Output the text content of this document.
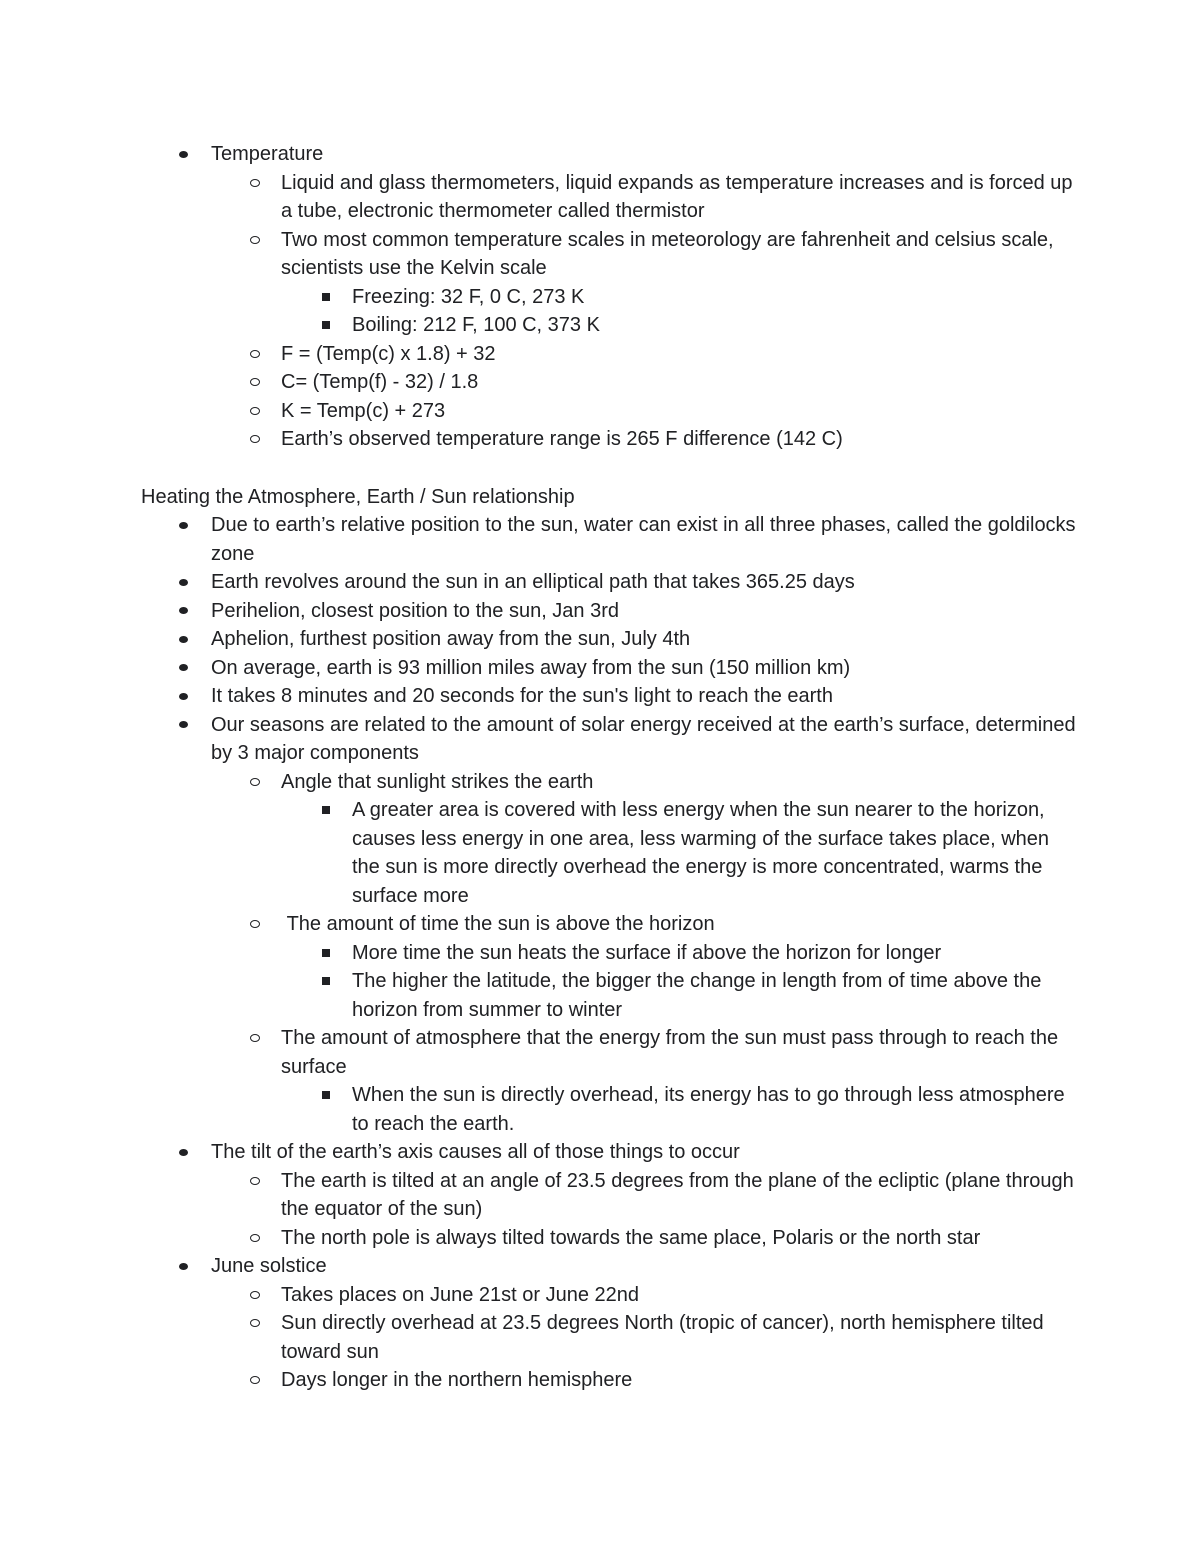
Temperature
Liquid and glass thermometers, liquid expands as temperature increases and is forced up a tube, electronic thermometer called thermistor
Two most common temperature scales in meteorology are fahrenheit and celsius scale, scientists use the Kelvin scale
Freezing: 32 F, 0 C, 273 K
Boiling: 212 F, 100 C, 373 K
F = (Temp(c) x 1.8) + 32
C= (Temp(f) - 32) / 1.8
K = Temp(c) + 273
Earth’s observed temperature range is 265 F difference (142 C)
Heating the Atmosphere, Earth / Sun relationship
Due to earth’s relative position to the sun, water can exist in all three phases, called the goldilocks zone
Earth revolves around the sun in an elliptical path that takes 365.25 days
Perihelion, closest position to the sun, Jan 3rd
Aphelion, furthest position away from the sun, July 4th
On average, earth is 93 million miles away from the sun (150 million km)
It takes 8 minutes and 20 seconds for the sun's light to reach the earth
Our seasons are related to the amount of solar energy received at the earth’s surface, determined by 3 major components
Angle that sunlight strikes the earth
A greater area is covered with less energy when the sun nearer to the horizon, causes less energy in one area, less warming of the surface takes place, when the sun is more directly overhead the energy is more concentrated, warms the surface more
The amount of time the sun is above the horizon
More time the sun heats the surface if above the horizon for longer
The higher the latitude, the bigger the change in length from of time above the horizon from summer to winter
The amount of atmosphere that the energy from the sun must pass through to reach the surface
When the sun is directly overhead, its energy has to go through less atmosphere to reach the earth.
The tilt of the earth’s axis causes all of those things to occur
The earth is tilted at an angle of 23.5 degrees from the plane of the ecliptic (plane through the equator of the sun)
The north pole is always tilted towards the same place, Polaris or the north star
June solstice
Takes places on June 21st or June 22nd
Sun directly overhead at 23.5 degrees North (tropic of cancer), north hemisphere tilted toward sun
Days longer in the northern hemisphere
